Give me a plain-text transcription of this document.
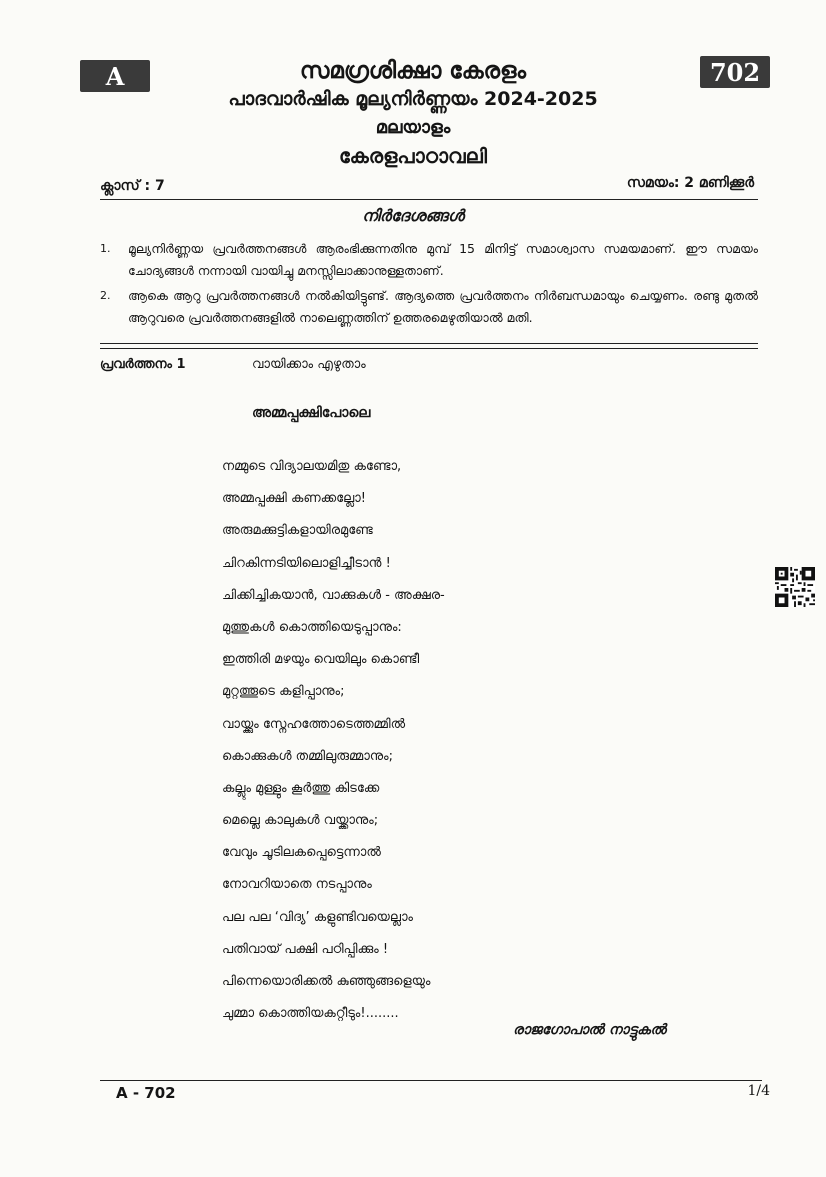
A	702
സമഗ്രശിക്ഷാ കേരളം
പാദവാർഷിക മൂല്യനിർണ്ണയം 2024-2025
മലയാളം
കേരളപാഠാവലി
ക്ലാസ് : 7	സമയം: 2 മണിക്കൂർ
നിർദേശങ്ങൾ
1. മൂല്യനിർണ്ണയ പ്രവർത്തനങ്ങൾ ആരംഭിക്കുന്നതിനു മുമ്പ് 15 മിനിട്ട് സമാശ്വാസ സമയമാണ്. ഈ സമയം ചോദ്യങ്ങൾ നന്നായി വായിച്ചു മനസ്സിലാക്കാനുള്ളതാണ്.
2. ആകെ ആറു പ്രവർത്തനങ്ങൾ നൽകിയിട്ടുണ്ട്. ആദ്യത്തെ പ്രവർത്തനം നിർബന്ധമായും ചെയ്യണം. രണ്ടു മുതൽ ആറുവരെ പ്രവർത്തനങ്ങളിൽ നാലെണ്ണത്തിന് ഉത്തരമെഴുതിയാൽ മതി.
പ്രവർത്തനം 1	വായിക്കാം എഴുതാം
അമ്മപ്പക്ഷിപോലെ
നമ്മുടെ വിദ്യാലയമിതു കണ്ടോ,
അമ്മപ്പക്ഷി കണക്കല്ലോ!
അരുമക്കുട്ടികളായിരമുണ്ടേ
ചിറകിന്നടിയിലൊളിച്ചീടാൻ !
ചിക്കിച്ചികയാൻ, വാക്കുകൾ - അക്ഷര-
മുത്തുകൾ കൊത്തിയെടുപ്പാനും:
ഇത്തിരി മഴയും വെയിലും കൊണ്ടീ
മുറ്റത്തൂടെ കളിപ്പാനും;
വായ്ക്കും സ്നേഹത്തോടെത്തമ്മിൽ
കൊക്കുകൾ തമ്മിലുരുമ്മാനും;
കല്ലും മുള്ളും കൂർത്തു കിടക്കേ
മെല്ലെ കാലുകൾ വയ്ക്കാനും;
വേവും ചൂടിലകപ്പെട്ടെന്നാൽ
നോവറിയാതെ നടപ്പാനും
പല പല ‘വിദ്യ’ കളുണ്ടിവയെല്ലാം
പതിവായ് പക്ഷി പഠിപ്പിക്കും !
പിന്നെയൊരിക്കൽ കുഞ്ഞുങ്ങളെയും
ചുമ്മാ കൊത്തിയകറ്റീടും!........
രാജഗോപാൽ നാട്ടുകൽ
A - 702	1/4
